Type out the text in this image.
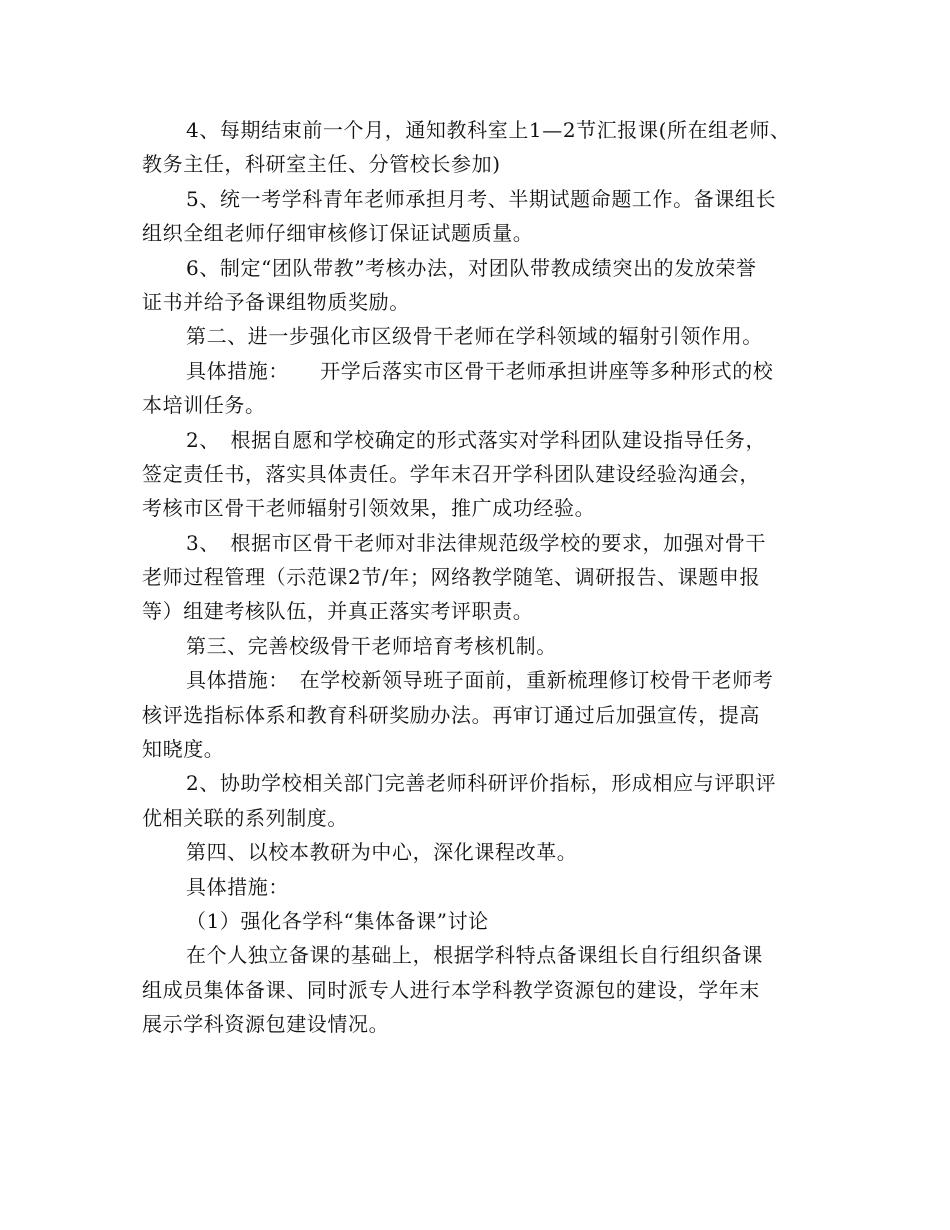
4、每期结束前一个月，通知教科室上1—2节汇报课(所在组老师、
教务主任，科研室主任、分管校长参加)
5、统一考学科青年老师承担月考、半期试题命题工作。备课组长
组织全组老师仔细审核修订保证试题质量。
6、制定“团队带教”考核办法，对团队带教成绩突出的发放荣誉
证书并给予备课组物质奖励。
第二、进一步强化市区级骨干老师在学科领域的辐射引领作用。
具体措施：　　开学后落实市区骨干老师承担讲座等多种形式的校
本培训任务。
2、　根据自愿和学校确定的形式落实对学科团队建设指导任务，
签定责任书，落实具体责任。学年末召开学科团队建设经验沟通会，
考核市区骨干老师辐射引领效果，推广成功经验。
3、　根据市区骨干老师对非法律规范级学校的要求，加强对骨干
老师过程管理（示范课2节/年；网络教学随笔、调研报告、课题申报
等）组建考核队伍，并真正落实考评职责。
第三、完善校级骨干老师培育考核机制。
具体措施：　在学校新领导班子面前，重新梳理修订校骨干老师考
核评选指标体系和教育科研奖励办法。再审订通过后加强宣传，提高
知晓度。
2、协助学校相关部门完善老师科研评价指标，形成相应与评职评
优相关联的系列制度。
第四、以校本教研为中心，深化课程改革。
具体措施：
（1）强化各学科“集体备课”讨论
在个人独立备课的基础上，根据学科特点备课组长自行组织备课
组成员集体备课、同时派专人进行本学科教学资源包的建设，学年末
展示学科资源包建设情况。
